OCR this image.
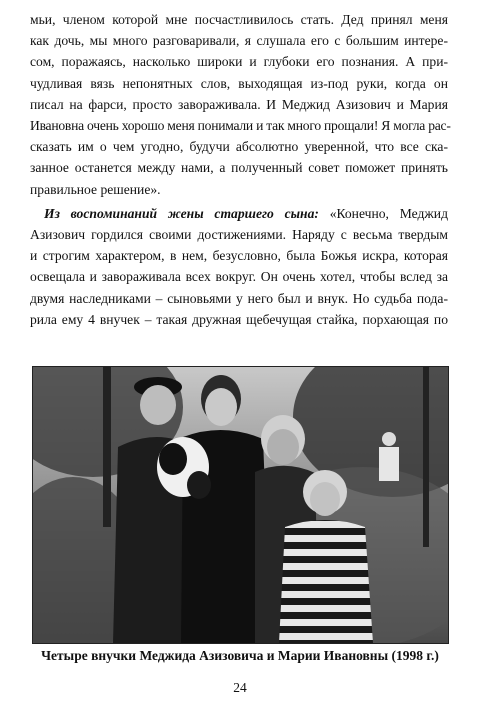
мьи, членом которой мне посчастливилось стать. Дед принял меня
как дочь, мы много разговаривали, я слушала его с большим интере-
сом, поражаясь, насколько широки и глубоки его познания. А при-
чудливая вязь непонятных слов, выходящая из-под руки, когда он
писал на фарси, просто завораживала. И Меджид Азизович и Мария
Ивановна очень хорошо меня понимали и так много прощали! Я могла рас-
сказать им о чем угодно, будучи абсолютно уверенной, что все ска-
занное останется между нами, а полученный совет поможет принять
правильное решение».

Из воспоминаний жены старшего сына: «Конечно, Меджид
Азизович гордился своими достижениями. Наряду с весьма твердым
и строгим характером, в нем, безусловно, была Божья искра, которая
освещала и завораживала всех вокруг. Он очень хотел, чтобы вслед за
двумя наследниками – сыновьями у него был и внук. Но судьба пода-
рила ему 4 внучек – такая дружная щебечущая стайка, порхающая по

Четыре внучки Меджида Азизовича и Марии Ивановны (1998 г.)
24
